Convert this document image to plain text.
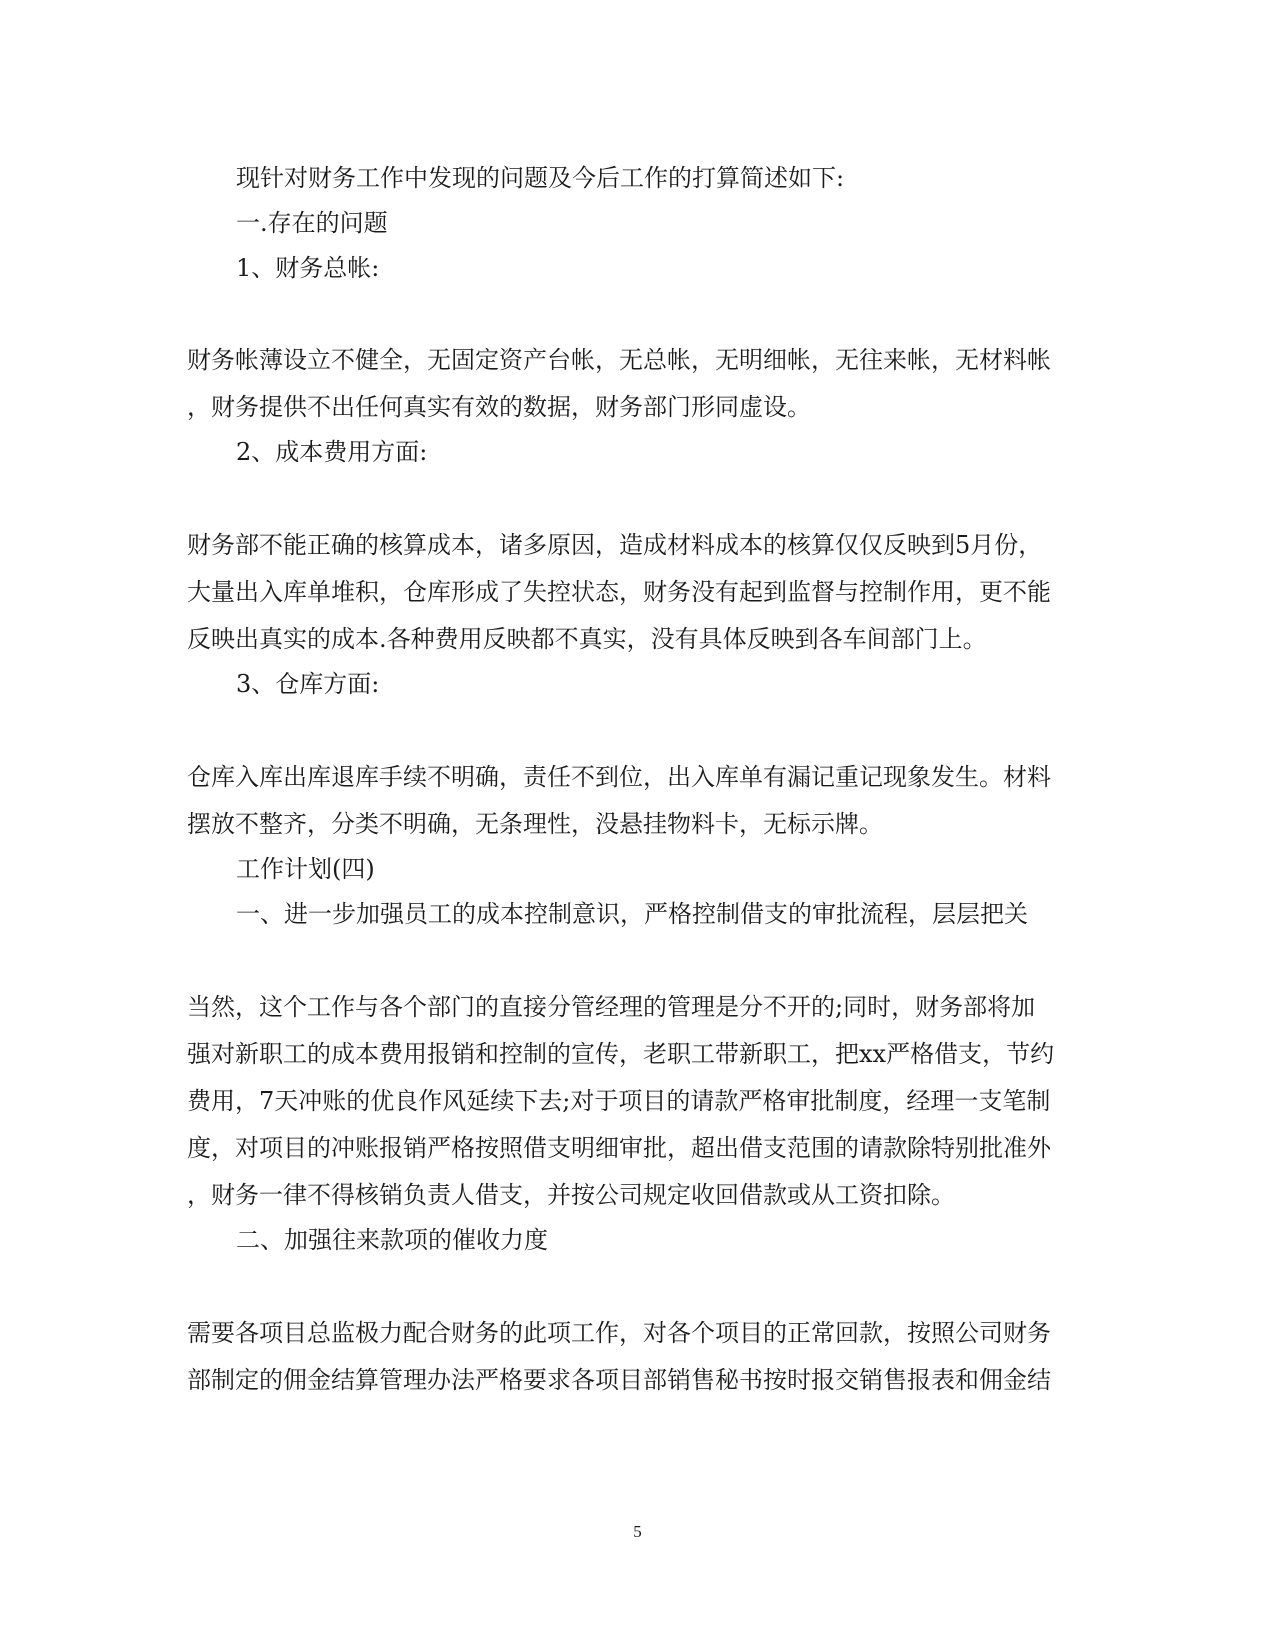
现针对财务工作中发现的问题及今后工作的打算简述如下:
一.存在的问题
1、财务总帐:
财务帐薄设立不健全，无固定资产台帐，无总帐，无明细帐，无往来帐，无材料帐
，财务提供不出任何真实有效的数据，财务部门形同虚设。
2、成本费用方面:
财务部不能正确的核算成本，诸多原因，造成材料成本的核算仅仅反映到5月份，
大量出入库单堆积，仓库形成了失控状态，财务没有起到监督与控制作用，更不能
反映出真实的成本.各种费用反映都不真实，没有具体反映到各车间部门上。
3、仓库方面:
仓库入库出库退库手续不明确，责任不到位，出入库单有漏记重记现象发生。材料
摆放不整齐，分类不明确，无条理性，没悬挂物料卡，无标示牌。
工作计划(四)
一、进一步加强员工的成本控制意识，严格控制借支的审批流程，层层把关
当然，这个工作与各个部门的直接分管经理的管理是分不开的;同时，财务部将加
强对新职工的成本费用报销和控制的宣传，老职工带新职工，把xx严格借支，节约
费用，7天冲账的优良作风延续下去;对于项目的请款严格审批制度，经理一支笔制
度，对项目的冲账报销严格按照借支明细审批，超出借支范围的请款除特别批准外
，财务一律不得核销负责人借支，并按公司规定收回借款或从工资扣除。
二、加强往来款项的催收力度
需要各项目总监极力配合财务的此项工作，对各个项目的正常回款，按照公司财务
部制定的佣金结算管理办法严格要求各项目部销售秘书按时报交销售报表和佣金结
5
